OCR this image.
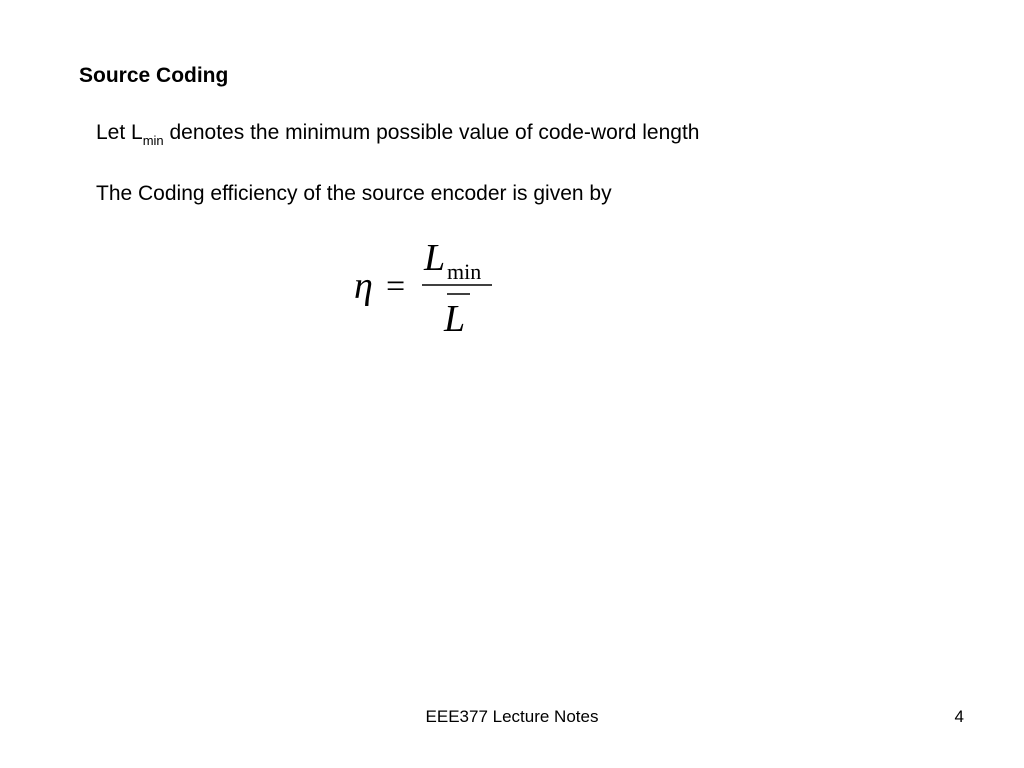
Source Coding
Let $L_{min}$ denotes the minimum possible value of code-word length
The Coding efficiency of the source encoder is given by
η =
L min
L
EEE377 Lecture Notes	4
